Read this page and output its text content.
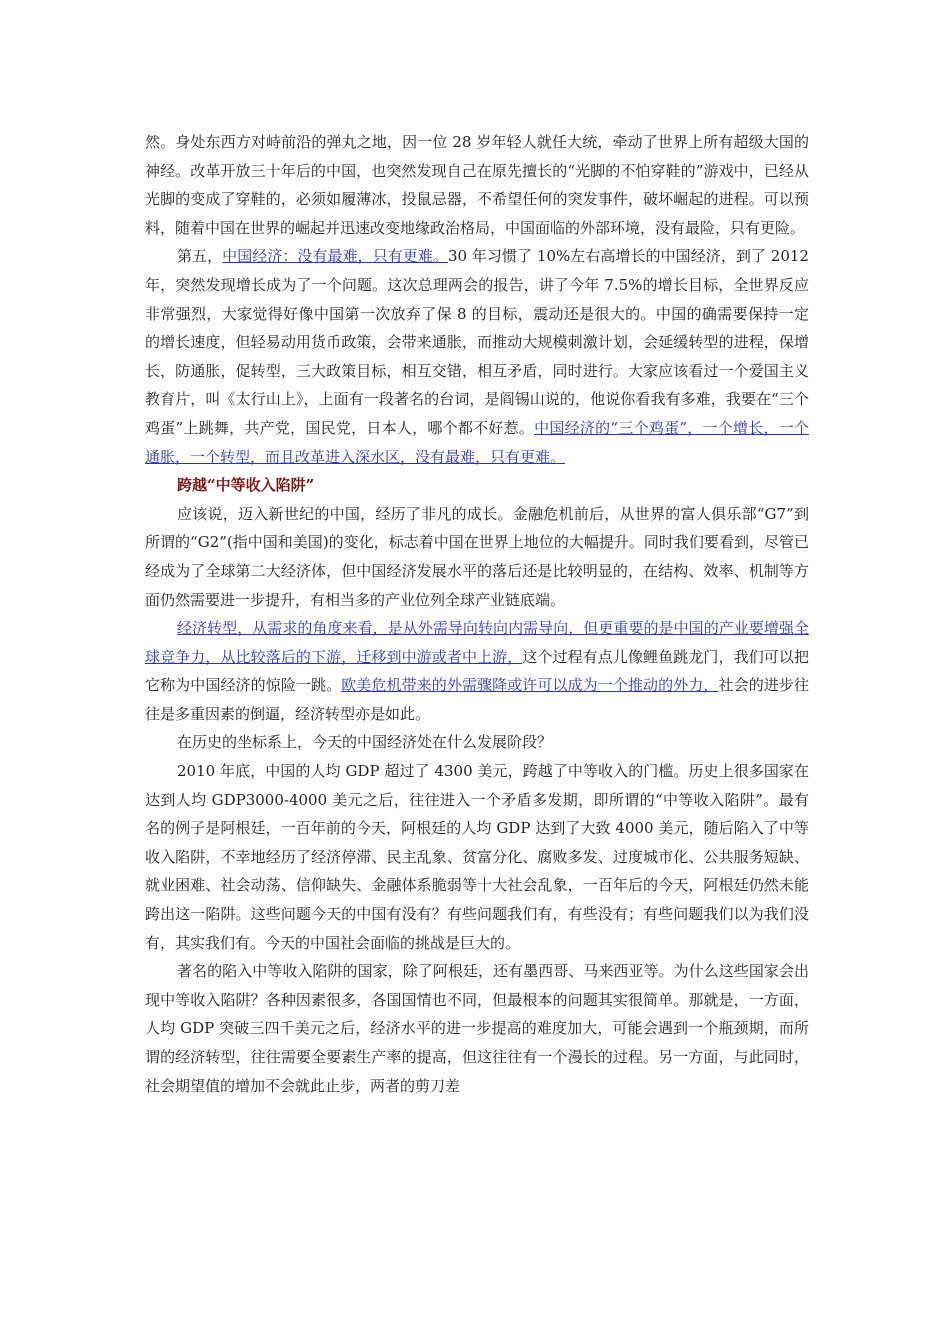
然。身处东西方对峙前沿的弹丸之地，因一位 28 岁年轻人就任大统，牵动了世界上所有超级大国的神经。改革开放三十年后的中国，也突然发现自己在原先擅长的“光脚的不怕穿鞋的”游戏中，已经从光脚的变成了穿鞋的，必须如履薄冰，投鼠忌器，不希望任何的突发事件，破坏崛起的进程。可以预料，随着中国在世界的崛起并迅速改变地缘政治格局，中国面临的外部环境，没有最险，只有更险。

第五，中国经济：没有最难，只有更难。30 年习惯了 10%左右高增长的中国经济，到了 2012 年，突然发现增长成为了一个问题。这次总理两会的报告，讲了今年 7.5%的增长目标，全世界反应非常强烈，大家觉得好像中国第一次放弃了保 8 的目标，震动还是很大的。中国的确需要保持一定的增长速度，但轻易动用货币政策，会带来通胀，而推动大规模刺激计划，会延缓转型的进程，保增长，防通胀，促转型，三大政策目标，相互交错，相互矛盾，同时进行。大家应该看过一个爱国主义教育片，叫《太行山上》，上面有一段著名的台词，是阎锡山说的，他说你看我有多难，我要在“三个鸡蛋”上跳舞，共产党，国民党，日本人，哪个都不好惹。中国经济的“三个鸡蛋”，一个增长，一个通胀，一个转型，而且改革进入深水区，没有最难，只有更难。

跨越“中等收入陷阱”

应该说，迈入新世纪的中国，经历了非凡的成长。金融危机前后，从世界的富人俱乐部“G7”到所谓的“G2”(指中国和美国)的变化，标志着中国在世界上地位的大幅提升。同时我们要看到，尽管已经成为了全球第二大经济体，但中国经济发展水平的落后还是比较明显的，在结构、效率、机制等方面仍然需要进一步提升，有相当多的产业位列全球产业链底端。

经济转型，从需求的角度来看，是从外需导向转向内需导向，但更重要的是中国的产业要增强全球竞争力，从比较落后的下游，迁移到中游或者中上游，这个过程有点儿像鲤鱼跳龙门，我们可以把它称为中国经济的惊险一跳。欧美危机带来的外需骤降或许可以成为一个推动的外力，社会的进步往往是多重因素的倒逼，经济转型亦是如此。

在历史的坐标系上，今天的中国经济处在什么发展阶段？

2010 年底，中国的人均 GDP 超过了 4300 美元，跨越了中等收入的门槛。历史上很多国家在达到人均 GDP3000-4000 美元之后，往往进入一个矛盾多发期，即所谓的“中等收入陷阱”。最有名的例子是阿根廷，一百年前的今天，阿根廷的人均 GDP 达到了大致 4000 美元，随后陷入了中等收入陷阱，不幸地经历了经济停滞、民主乱象、贫富分化、腐败多发、过度城市化、公共服务短缺、就业困难、社会动荡、信仰缺失、金融体系脆弱等十大社会乱象，一百年后的今天，阿根廷仍然未能跨出这一陷阱。这些问题今天的中国有没有？有些问题我们有，有些没有；有些问题我们以为我们没有，其实我们有。今天的中国社会面临的挑战是巨大的。

著名的陷入中等收入陷阱的国家，除了阿根廷，还有墨西哥、马来西亚等。为什么这些国家会出现中等收入陷阱？各种因素很多，各国国情也不同，但最根本的问题其实很简单。那就是，一方面，人均 GDP 突破三四千美元之后，经济水平的进一步提高的难度加大，可能会遇到一个瓶颈期，而所谓的经济转型，往往需要全要素生产率的提高，但这往往有一个漫长的过程。另一方面，与此同时，社会期望值的增加不会就此止步，两者的剪刀差
